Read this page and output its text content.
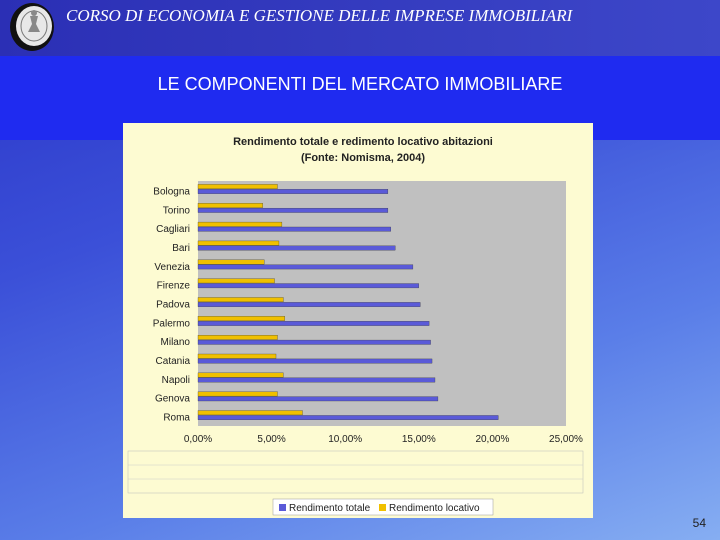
CORSO DI ECONOMIA E GESTIONE DELLE IMPRESE IMMOBILIARI
LE COMPONENTI DEL MERCATO IMMOBILIARE
Rendimento totale e redimento locativo abitazioni
(Fonte: Nomisma, 2004)
Bologna
Torino
Cagliari
Bari
Venezia
Firenze
Padova
Palermo
Milano
Catania
Napoli
Genova
Roma
0,00%	5,00%	10,00%	15,00%	20,00%	25,00%
Rendimento totale Rendimento locativo
54
